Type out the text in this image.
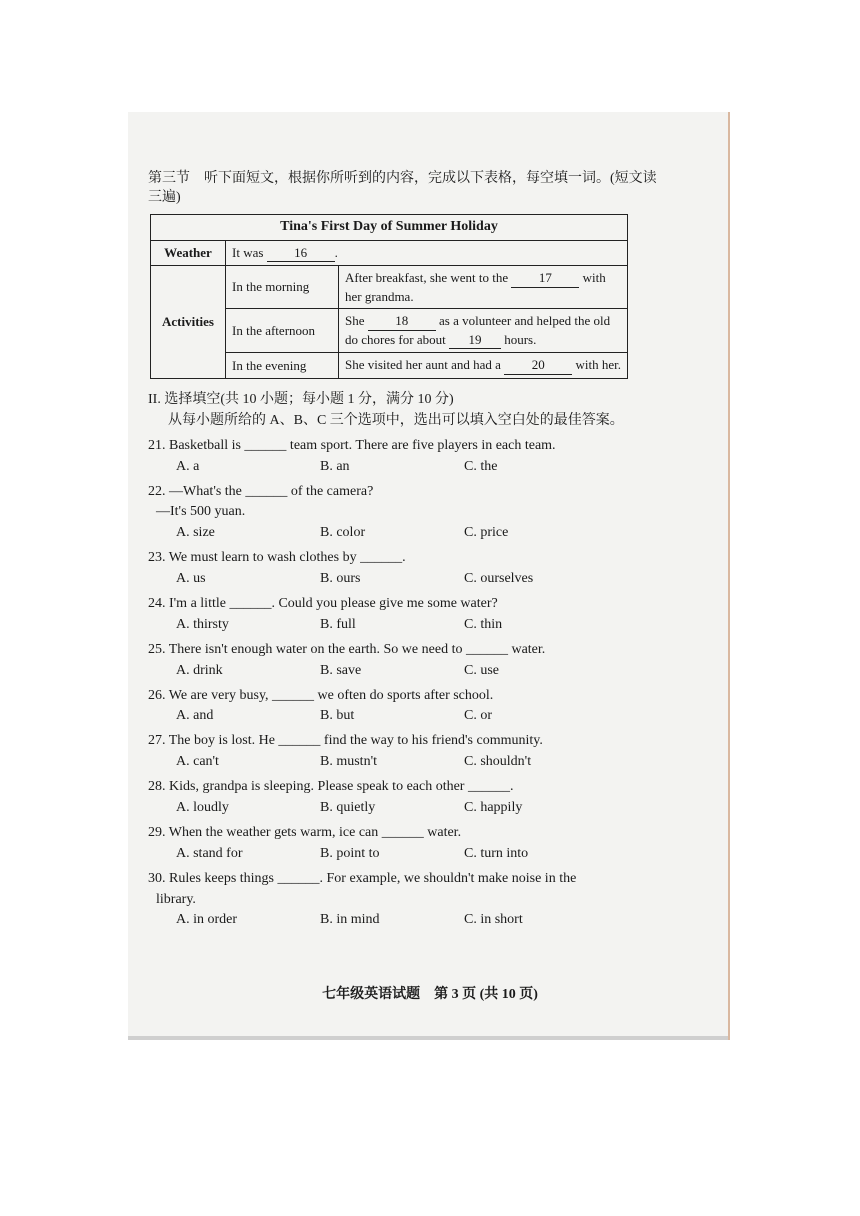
第三节　听下面短文，根据你所听到的内容，完成以下表格，每空填一词。(短文读三遍)

Tina's First Day of Summer Holiday		
Weather	It was 16 .	
Activities	In the morning	After breakfast, she went to the 17 with her grandma.
	In the afternoon	She 18 as a volunteer and helped the old do chores for about 19 hours.
	In the evening	She visited her aunt and had a 20 with her.

II. 选择填空(共 10 小题；每小题 1 分，满分 10 分)

从每小题所给的 A、B、C 三个选项中，选出可以填入空白处的最佳答案。

21. Basketball is ______ team sport. There are five players in each team.
A. a	B. an	C. the
22. —What's the ______ of the camera?
—It's 500 yuan.
A. size	B. color	C. price
23. We must learn to wash clothes by ______.
A. us	B. ours	C. ourselves
24. I'm a little ______. Could you please give me some water?
A. thirsty	B. full	C. thin
25. There isn't enough water on the earth. So we need to ______ water.
A. drink	B. save	C. use
26. We are very busy, ______ we often do sports after school.
A. and	B. but	C. or
27. The boy is lost. He ______ find the way to his friend's community.
A. can't	B. mustn't	C. shouldn't
28. Kids, grandpa is sleeping. Please speak to each other ______.
A. loudly	B. quietly	C. happily
29. When the weather gets warm, ice can ______ water.
A. stand for	B. point to	C. turn into
30. Rules keeps things ______. For example, we shouldn't make noise in the
library.
A. in order	B. in mind	C. in short
七年级英语试题　第 3 页 (共 10 页)
